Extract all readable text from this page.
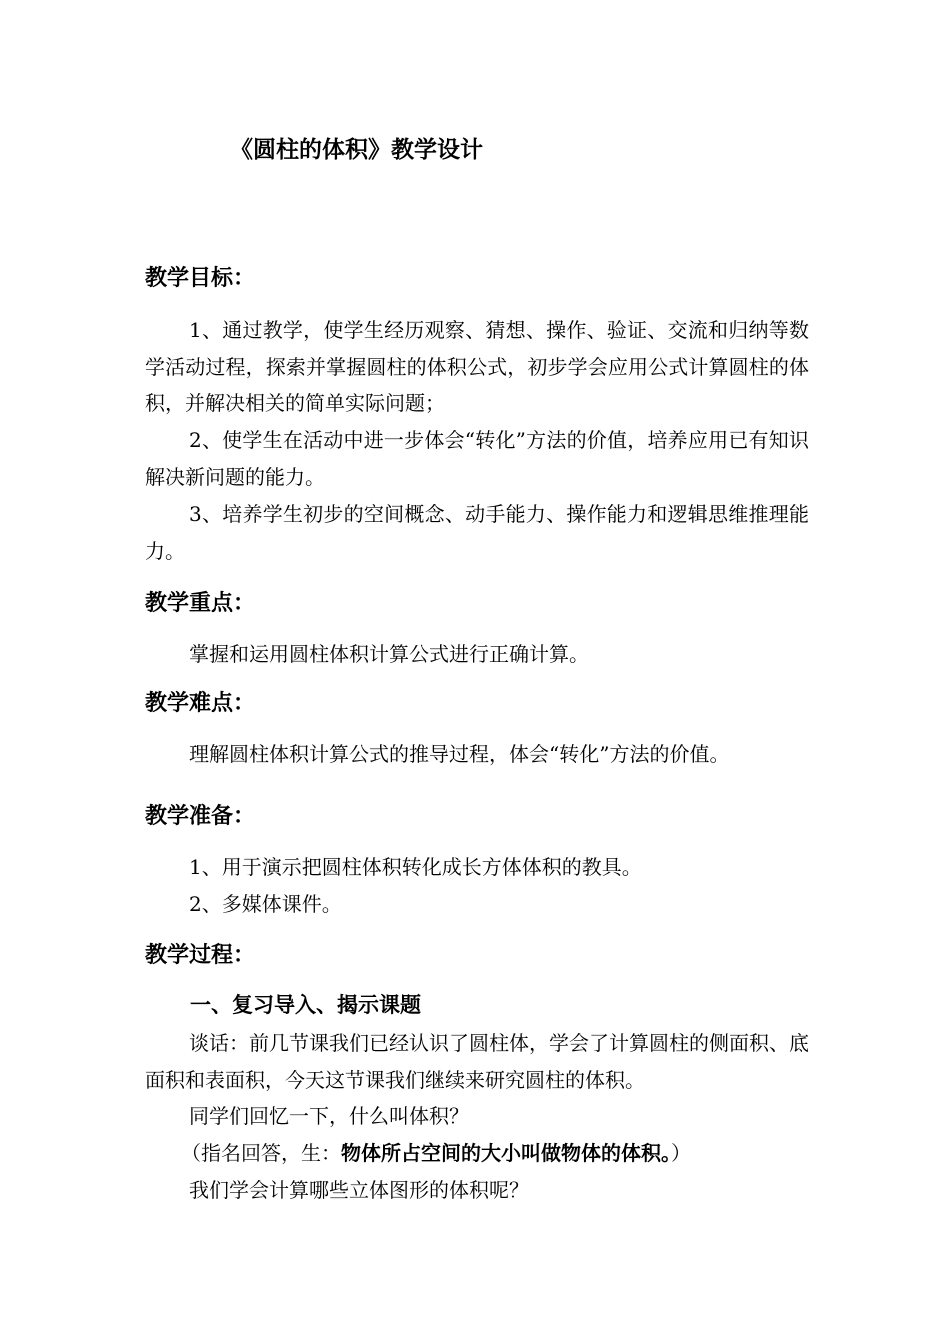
《圆柱的体积》教学设计
教学目标：
1、通过教学，使学生经历观察、猜想、操作、验证、交流和归纳等数学活动过程，探索并掌握圆柱的体积公式，初步学会应用公式计算圆柱的体积，并解决相关的简单实际问题；
2、使学生在活动中进一步体会“转化”方法的价值，培养应用已有知识解决新问题的能力。
3、培养学生初步的空间概念、动手能力、操作能力和逻辑思维推理能力。
教学重点：
掌握和运用圆柱体积计算公式进行正确计算。
教学难点：
理解圆柱体积计算公式的推导过程，体会“转化”方法的价值。
教学准备：
1、用于演示把圆柱体积转化成长方体体积的教具。
2、多媒体课件。
教学过程：
一、复习导入、揭示课题
谈话：前几节课我们已经认识了圆柱体，学会了计算圆柱的侧面积、底面积和表面积，今天这节课我们继续来研究圆柱的体积。
同学们回忆一下，什么叫体积？
（指名回答，生：物体所占空间的大小叫做物体的体积。）
我们学会计算哪些立体图形的体积呢？
